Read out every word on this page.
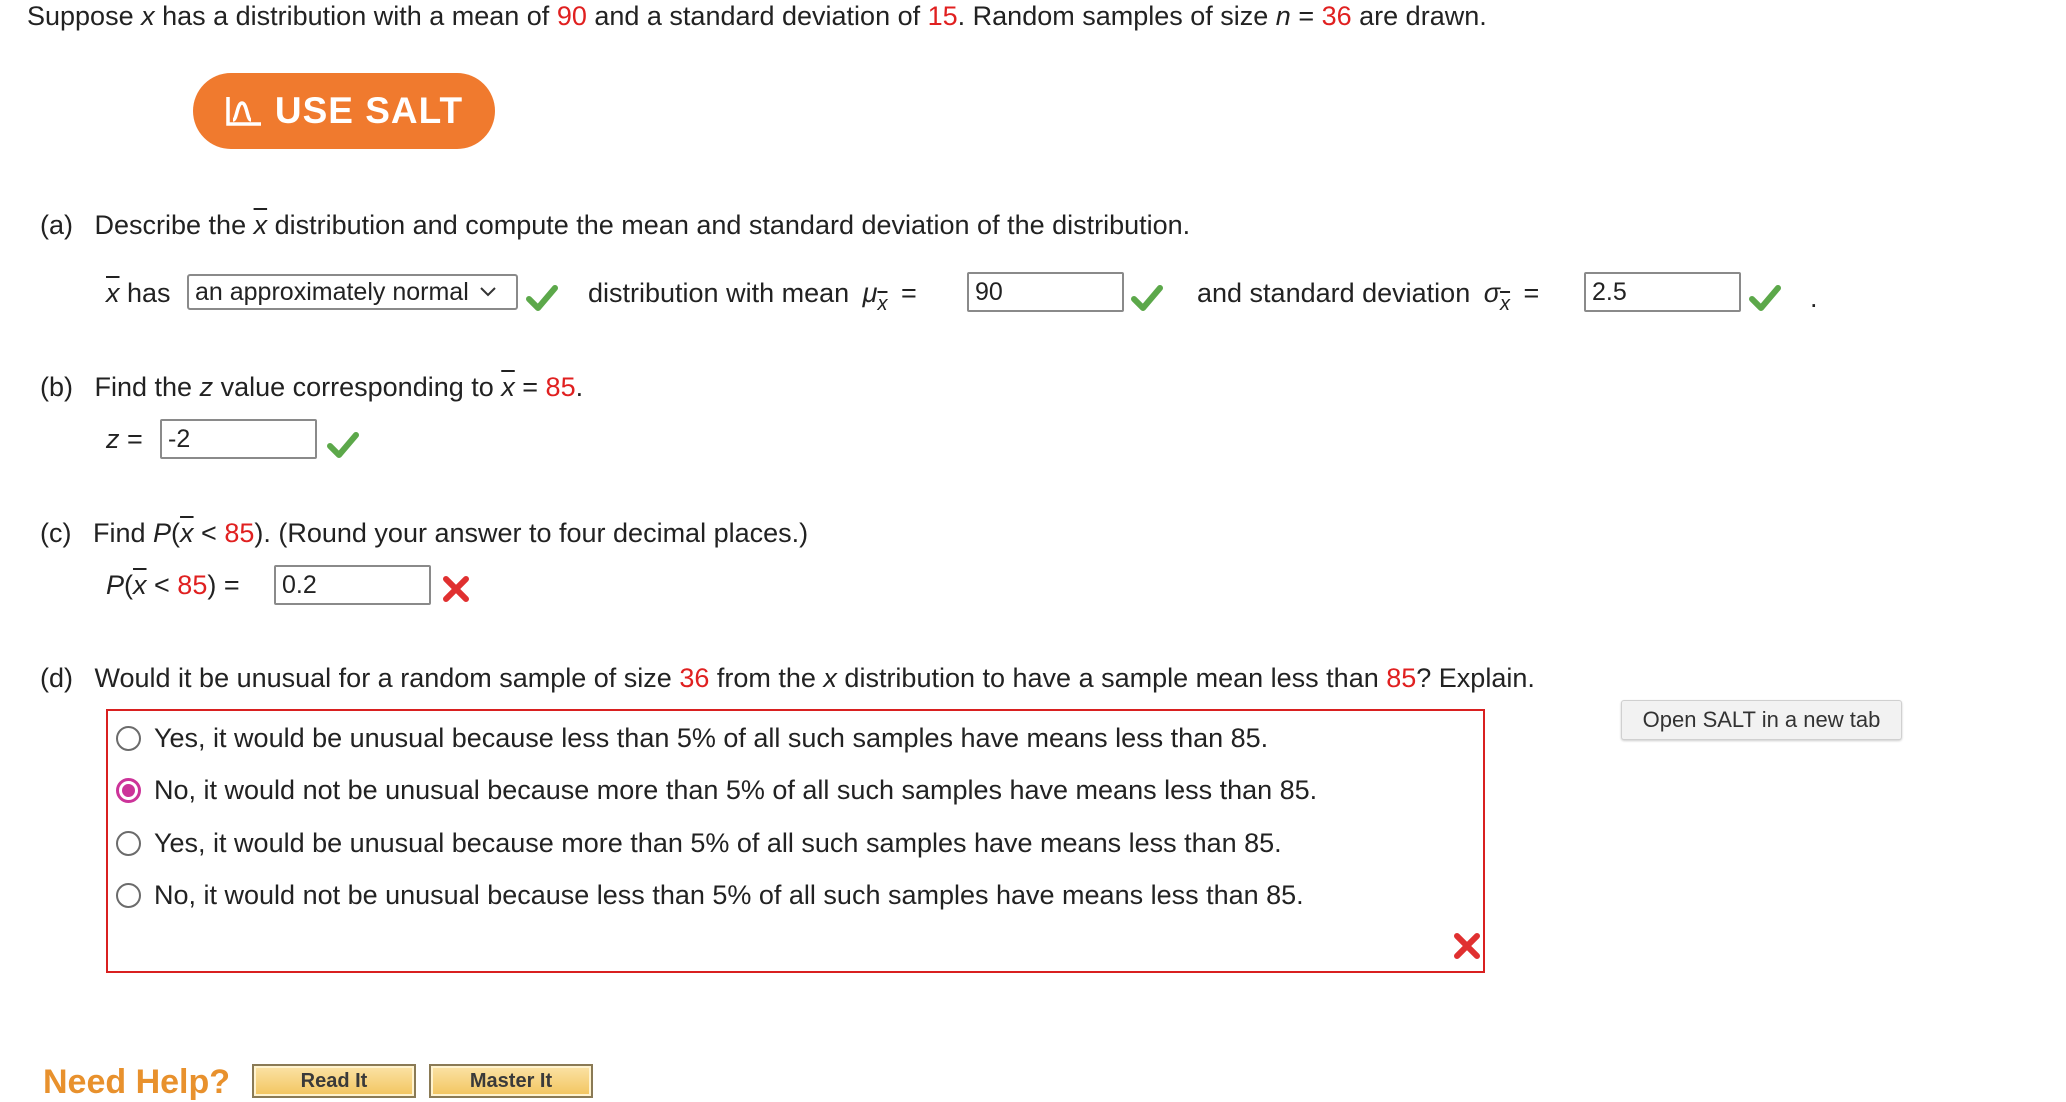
Suppose x has a distribution with a mean of 90 and a standard deviation of 15. Random samples of size n = 36 are drawn.
USE SALT
(a) Describe the $\overline{x}$ distribution and compute the mean and standard deviation of the distribution.
$\overline{x}$ has an approximately normal	distribution with mean $\mu_{\overline{x}}$ =	90	and standard deviation $\sigma_{\overline{x}}$ =	2.5	.
(b) Find the z value corresponding to $\overline{x} = 85$.
z =	-2
(c) Find $P(\overline{x} < 85)$. (Round your answer to four decimal places.)
$P(\overline{x} < 85)$ =	0.2
(d) Would it be unusual for a random sample of size 36 from the x distribution to have a sample mean less than 85? Explain.
Open SALT in a new tab
Yes, it would be unusual because less than 5% of all such samples have means less than 85.
No, it would not be unusual because more than 5% of all such samples have means less than 85.
Yes, it would be unusual because more than 5% of all such samples have means less than 85.
No, it would not be unusual because less than 5% of all such samples have means less than 85.
Need Help?	Read It	Master It
